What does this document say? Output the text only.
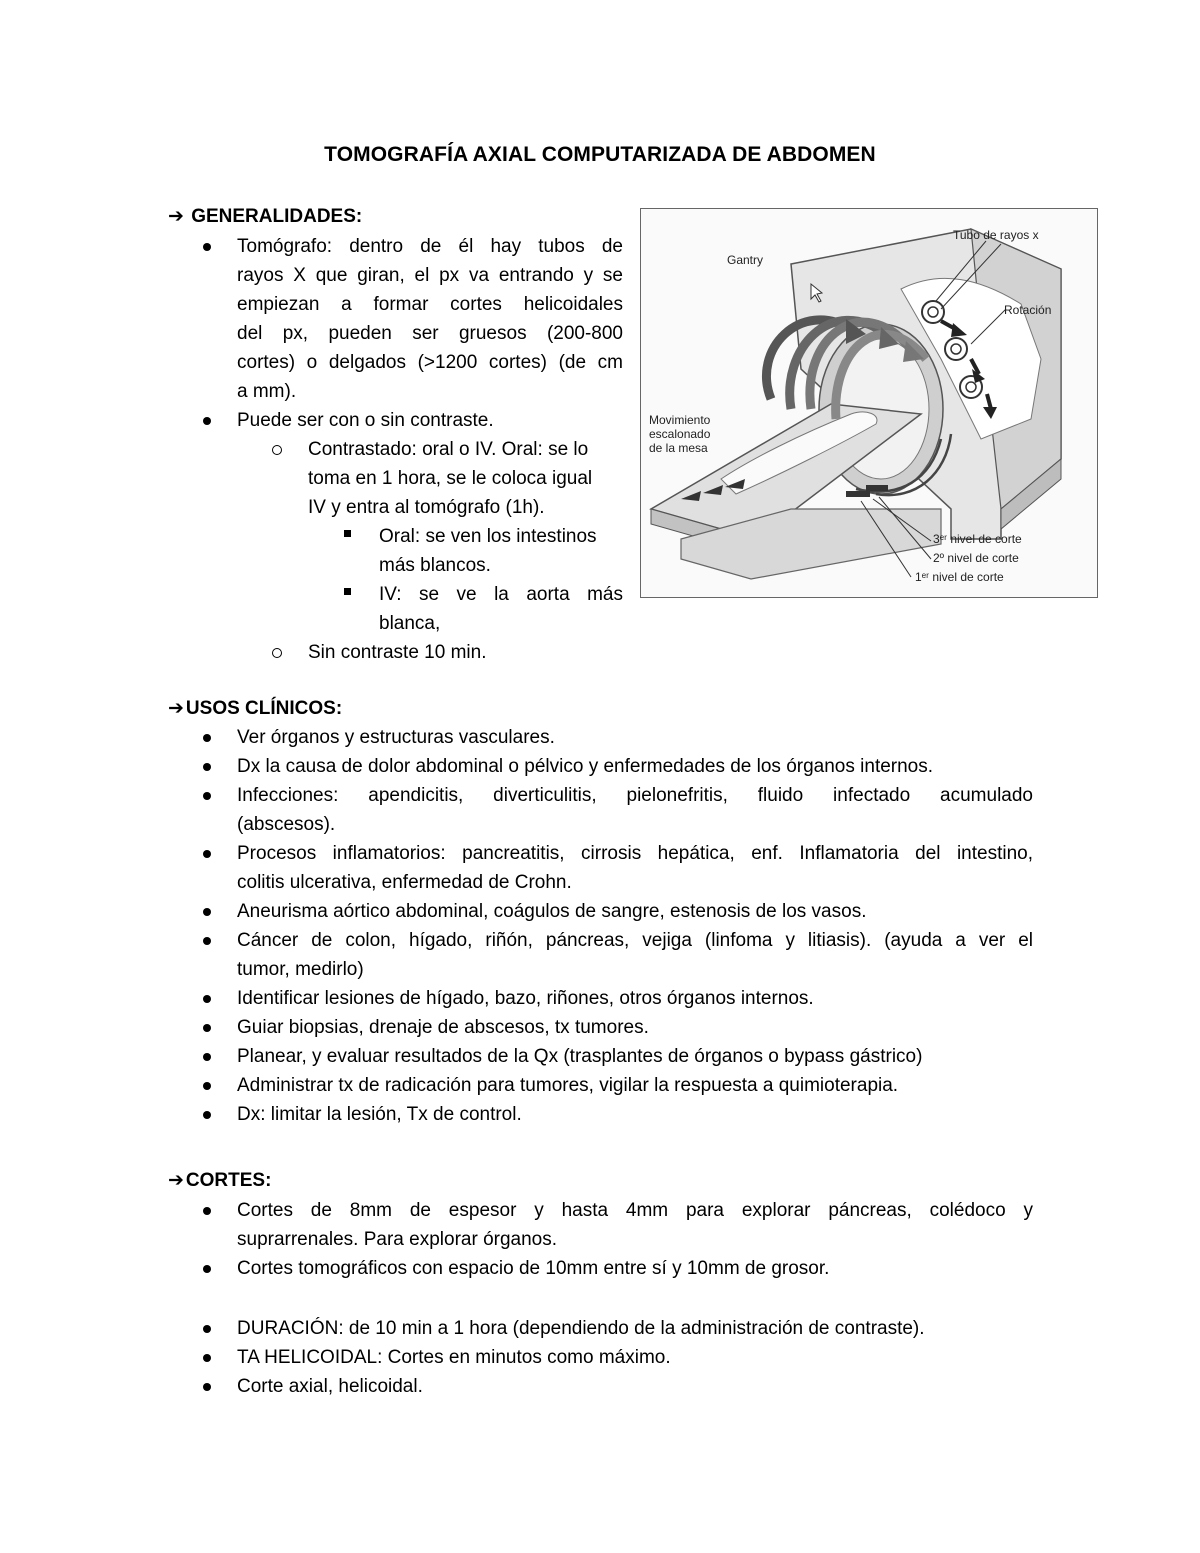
TOMOGRAFÍA AXIAL COMPUTARIZADA DE ABDOMEN
➔ GENERALIDADES:
Tomógrafo: dentro de él hay tubos de
rayos X que giran, el px va entrando y se
empiezan a formar cortes helicoidales
del px, pueden ser gruesos (200-800
cortes) o delgados (>1200 cortes) (de cm
a mm).
Puede ser con o sin contraste.
Contrastado: oral o IV. Oral: se lo
toma en 1 hora, se le coloca igual
IV y entra al tomógrafo (1h).
Oral: se ven los intestinos
más blancos.
IV: se ve la aorta más
blanca,
Sin contraste 10 min.
Gantry
Tubo de rayos x
Rotación
Movimiento
escalonado
de la mesa
3ᵉʳ nivel de corte
2º nivel de corte
1ᵉʳ nivel de corte
➔ USOS CLÍNICOS:
Ver órganos y estructuras vasculares.
Dx la causa de dolor abdominal o pélvico y enfermedades de los órganos internos.
Infecciones: apendicitis, diverticulitis, pielonefritis, fluido infectado acumulado
(abscesos).
Procesos inflamatorios: pancreatitis, cirrosis hepática, enf. Inflamatoria del intestino,
colitis ulcerativa, enfermedad de Crohn.
Aneurisma aórtico abdominal, coágulos de sangre, estenosis de los vasos.
Cáncer de colon, hígado, riñón, páncreas, vejiga (linfoma y litiasis). (ayuda a ver el
tumor, medirlo)
Identificar lesiones de hígado, bazo, riñones, otros órganos internos.
Guiar biopsias, drenaje de abscesos, tx tumores.
Planear, y evaluar resultados de la Qx (trasplantes de órganos o bypass gástrico)
Administrar tx de radicación para tumores, vigilar la respuesta a quimioterapia.
Dx: limitar la lesión, Tx de control.
➔ CORTES:
Cortes de 8mm de espesor y hasta 4mm para explorar páncreas, colédoco y
suprarrenales. Para explorar órganos.
Cortes tomográficos con espacio de 10mm entre sí y 10mm de grosor.
DURACIÓN: de 10 min a 1 hora (dependiendo de la administración de contraste).
TA HELICOIDAL: Cortes en minutos como máximo.
Corte axial, helicoidal.
